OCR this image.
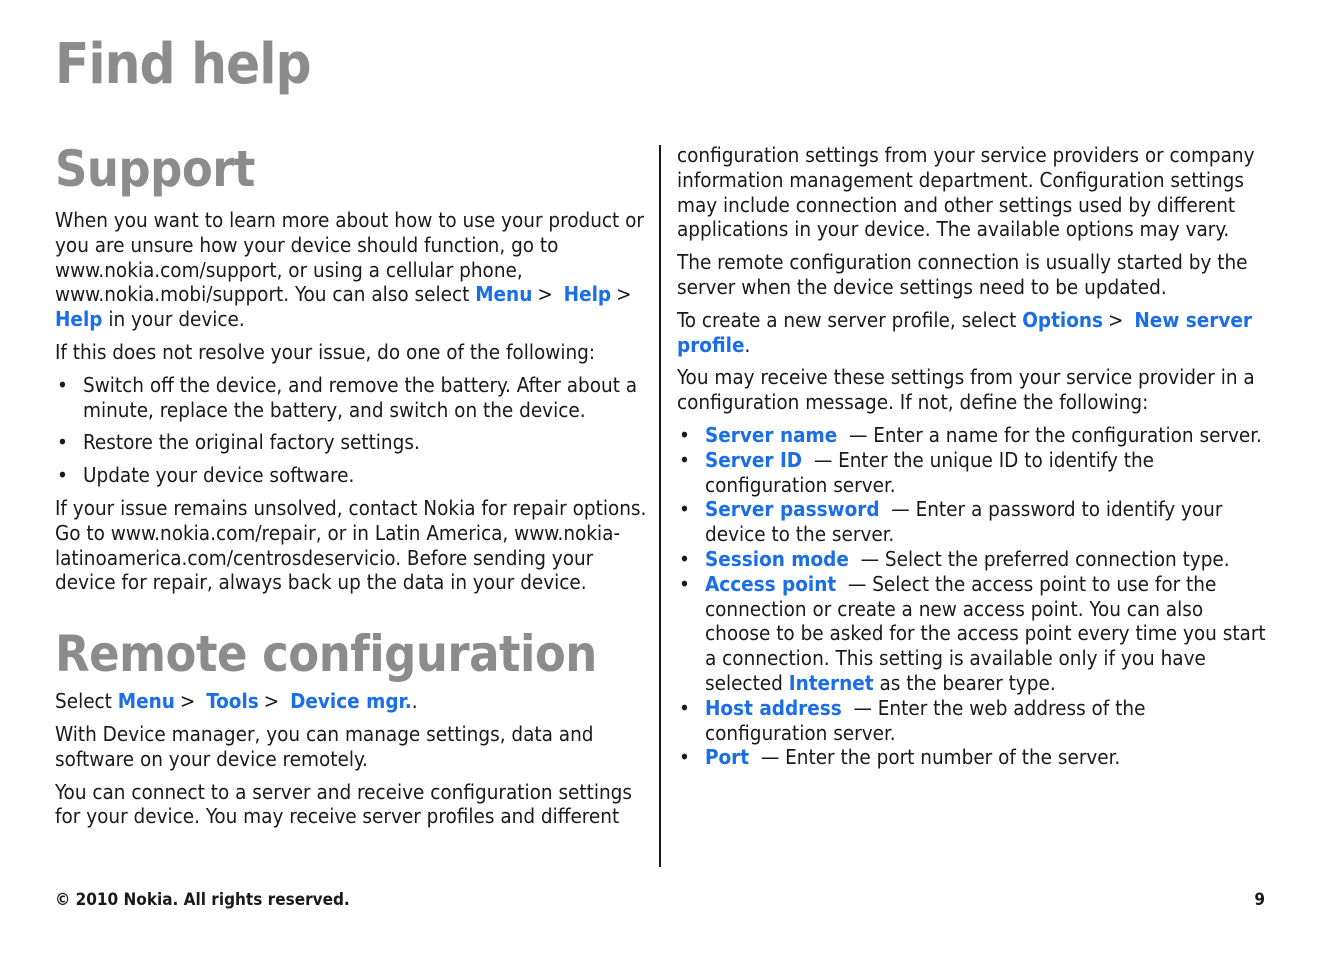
Find help
Support

When you want to learn more about how to use your product or you are unsure how your device should function, go to www.nokia.com/support, or using a cellular phone, www.nokia.mobi/support. You can also select Menu > Help > Help in your device.

If this does not resolve your issue, do one of the following:

• Switch off the device, and remove the battery. After about a minute, replace the battery, and switch on the device.
• Restore the original factory settings.
• Update your device software.

If your issue remains unsolved, contact Nokia for repair options. Go to www.nokia.com/repair, or in Latin America, www.nokia-latinoamerica.com/centrosdeservicio. Before sending your device for repair, always back up the data in your device.

Remote configuration

Select Menu > Tools > Device mgr..

With Device manager, you can manage settings, data and software on your device remotely.

You can connect to a server and receive configuration settings for your device. You may receive server profiles and different

configuration settings from your service providers or company information management department. Configuration settings may include connection and other settings used by different applications in your device. The available options may vary.

The remote configuration connection is usually started by the server when the device settings need to be updated.

To create a new server profile, select Options > New server profile.

You may receive these settings from your service provider in a configuration message. If not, define the following:

• Server name — Enter a name for the configuration server.
• Server ID — Enter the unique ID to identify the configuration server.
• Server password — Enter a password to identify your device to the server.
• Session mode — Select the preferred connection type.
• Access point — Select the access point to use for the connection or create a new access point. You can also choose to be asked for the access point every time you start a connection. This setting is available only if you have selected Internet as the bearer type.
• Host address — Enter the web address of the configuration server.
• Port — Enter the port number of the server.
© 2010 Nokia. All rights reserved.	9
